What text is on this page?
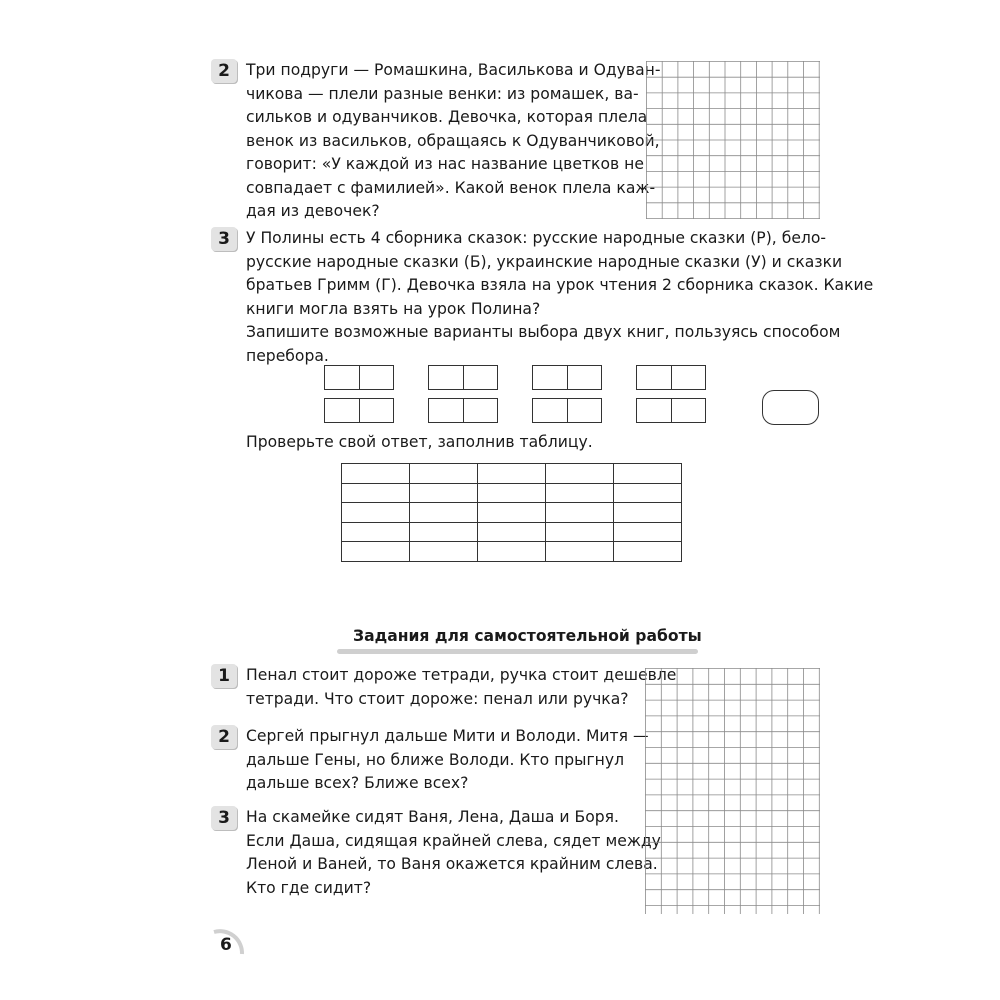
2	Три подруги — Ромашкина, Василькова и Одуван-
чикова — плели разные венки: из ромашек, ва-
сильков и одуванчиков. Девочка, которая плела
венок из васильков, обращаясь к Одуванчиковой,
говорит: «У каждой из нас название цветков не
совпадает с фамилией». Какой венок плела каж-
дая из девочек?
3	У Полины есть 4 сборника сказок: русские народные сказки (Р), бело-
русские народные сказки (Б), украинские народные сказки (У) и сказки
братьев Гримм (Г). Девочка взяла на урок чтения 2 сборника сказок. Какие
книги могла взять на урок Полина?
Запишите возможные варианты выбора двух книг, пользуясь способом
перебора.
Проверьте свой ответ, заполнив таблицу.

Задания для самостоятельной работы
1	Пенал стоит дороже тетради, ручка стоит дешевле
тетради. Что стоит дороже: пенал или ручка?
2	Сергей прыгнул дальше Мити и Володи. Митя —
дальше Гены, но ближе Володи. Кто прыгнул
дальше всех? Ближе всех?
3	На скамейке сидят Ваня, Лена, Даша и Боря.
Если Даша, сидящая крайней слева, сядет между
Леной и Ваней, то Ваня окажется крайним слева.
Кто где сидит?
6
